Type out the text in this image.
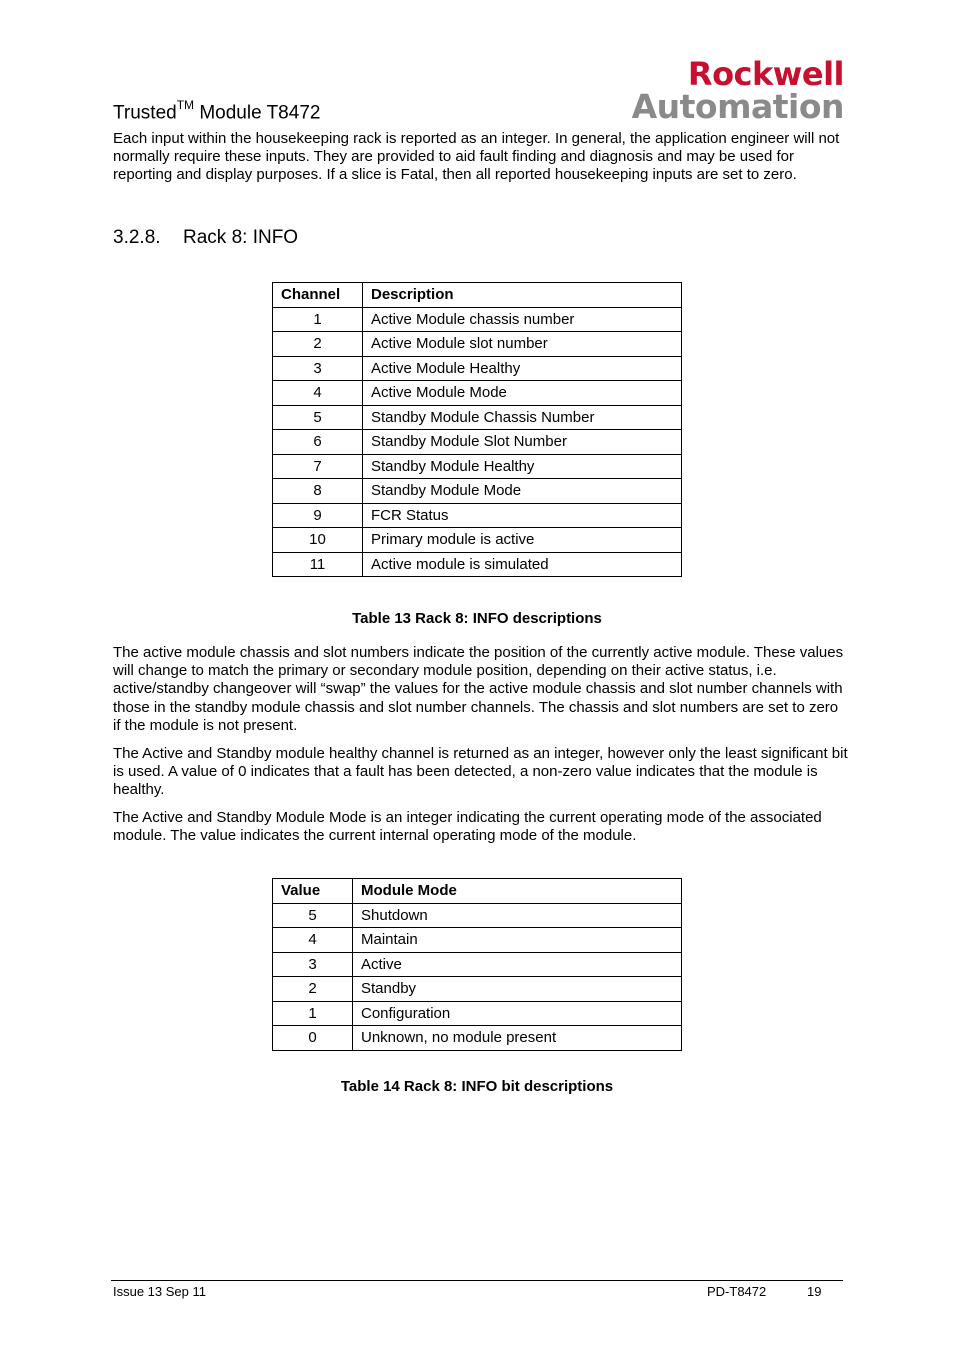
Rockwell
Automation
Trusted™ Module T8472

Each input within the housekeeping rack is reported as an integer. In general, the application engineer will not normally require these inputs. They are provided to aid fault finding and diagnosis and may be used for reporting and display purposes. If a slice is Fatal, then all reported housekeeping inputs are set to zero.

3.2.8. Rack 8: INFO
Channel	Description
1	Active Module chassis number
2	Active Module slot number
3	Active Module Healthy
4	Active Module Mode
5	Standby Module Chassis Number
6	Standby Module Slot Number
7	Standby Module Healthy
8	Standby Module Mode
9	FCR Status
10	Primary module is active
11	Active module is simulated
Table 13 Rack 8: INFO descriptions

The active module chassis and slot numbers indicate the position of the currently active module. These values will change to match the primary or secondary module position, depending on their active status, i.e. active/standby changeover will “swap” the values for the active module chassis and slot number channels with those in the standby module chassis and slot number channels. The chassis and slot numbers are set to zero if the module is not present.

The Active and Standby module healthy channel is returned as an integer, however only the least significant bit is used. A value of 0 indicates that a fault has been detected, a non-zero value indicates that the module is healthy.

The Active and Standby Module Mode is an integer indicating the current operating mode of the associated module. The value indicates the current internal operating mode of the module.

Value	Module Mode
5	Shutdown
4	Maintain
3	Active
2	Standby
1	Configuration
0	Unknown, no module present
Table 14 Rack 8: INFO bit descriptions
Issue 13 Sep 11	PD-T8472	19
